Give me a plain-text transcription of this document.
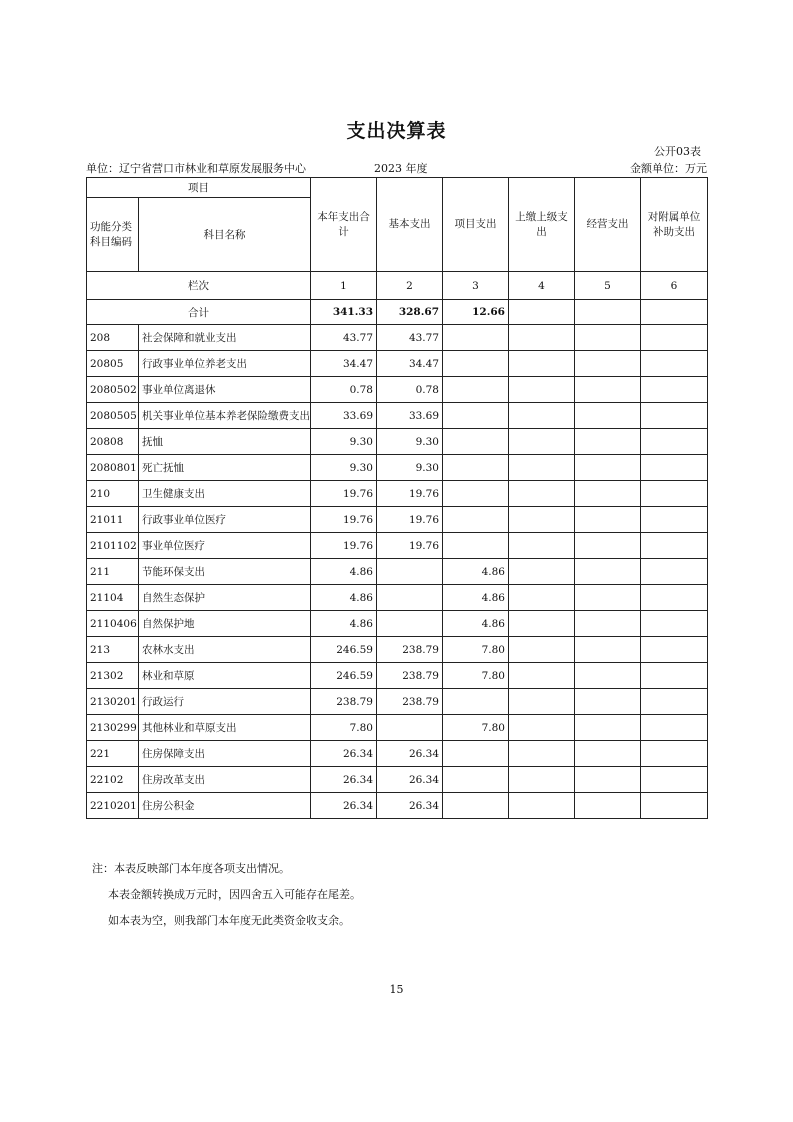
支出决算表
公开03表
单位：辽宁省营口市林业和草原发展服务中心	2023 年度	金额单位：万元
项目		本年支出合计	基本支出	项目支出	上缴上级支出	经营支出	对附属单位补助支出
功能分类科目编码	科目名称						
栏次		1	2	3	4	5	6
合计		341.33	328.67	12.66			
208	社会保障和就业支出	43.77	43.77				
20805	行政事业单位养老支出	34.47	34.47				
2080502	事业单位离退休	0.78	0.78				
2080505	机关事业单位基本养老保险缴费支出	33.69	33.69				
20808	抚恤	9.30	9.30				
2080801	死亡抚恤	9.30	9.30				
210	卫生健康支出	19.76	19.76				
21011	行政事业单位医疗	19.76	19.76				
2101102	事业单位医疗	19.76	19.76				
211	节能环保支出	4.86		4.86			
21104	自然生态保护	4.86		4.86			
2110406	自然保护地	4.86		4.86			
213	农林水支出	246.59	238.79	7.80			
21302	林业和草原	246.59	238.79	7.80			
2130201	行政运行	238.79	238.79				
2130299	其他林业和草原支出	7.80		7.80			
221	住房保障支出	26.34	26.34				
22102	住房改革支出	26.34	26.34				
2210201	住房公积金	26.34	26.34				
注：本表反映部门本年度各项支出情况。
本表金额转换成万元时，因四舍五入可能存在尾差。
如本表为空，则我部门本年度无此类资金收支余。
15
